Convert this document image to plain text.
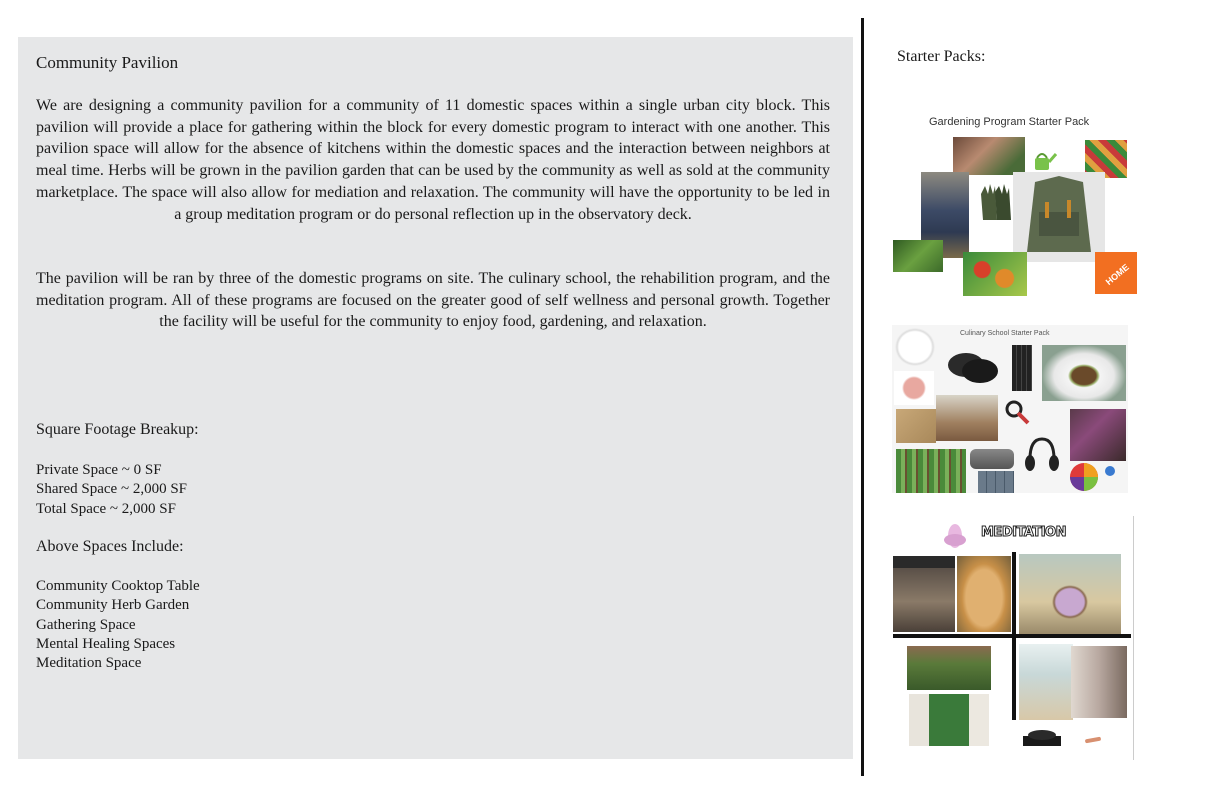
Community Pavilion

We are designing a community pavilion for a community of 11 domestic spaces within a single urban city block. This pavilion will provide a place for gathering within the block for every domestic program to interact with one another. This pavilion space will allow for the absence of kitchens within the domestic spaces and the interaction between neighbors at meal time. Herbs will be grown in the pavilion garden that can be used by the community as well as sold at the community marketplace. The space will also allow for mediation and relaxation. The community will have the opportunity to be led in a group meditation program or do personal reflection up in the observatory deck.

The pavilion will be ran by three of the domestic programs on site. The culinary school, the rehabilition program, and the meditation program. All of these programs are focused on the greater good of self wellness and personal growth. Together the facility will be useful for the community to enjoy food, gardening, and relaxation.

Square Footage Breakup:
Private Space ~ 0 SF
Shared Space ~ 2,000 SF
Total Space ~ 2,000 SF
Above Spaces Include:
Community Cooktop Table
Community Herb Garden
Gathering Space
Mental Healing Spaces
Meditation Space
Starter Packs:
Gardening Program Starter Pack
HOME
Culinary School Starter Pack
MEDITATION
